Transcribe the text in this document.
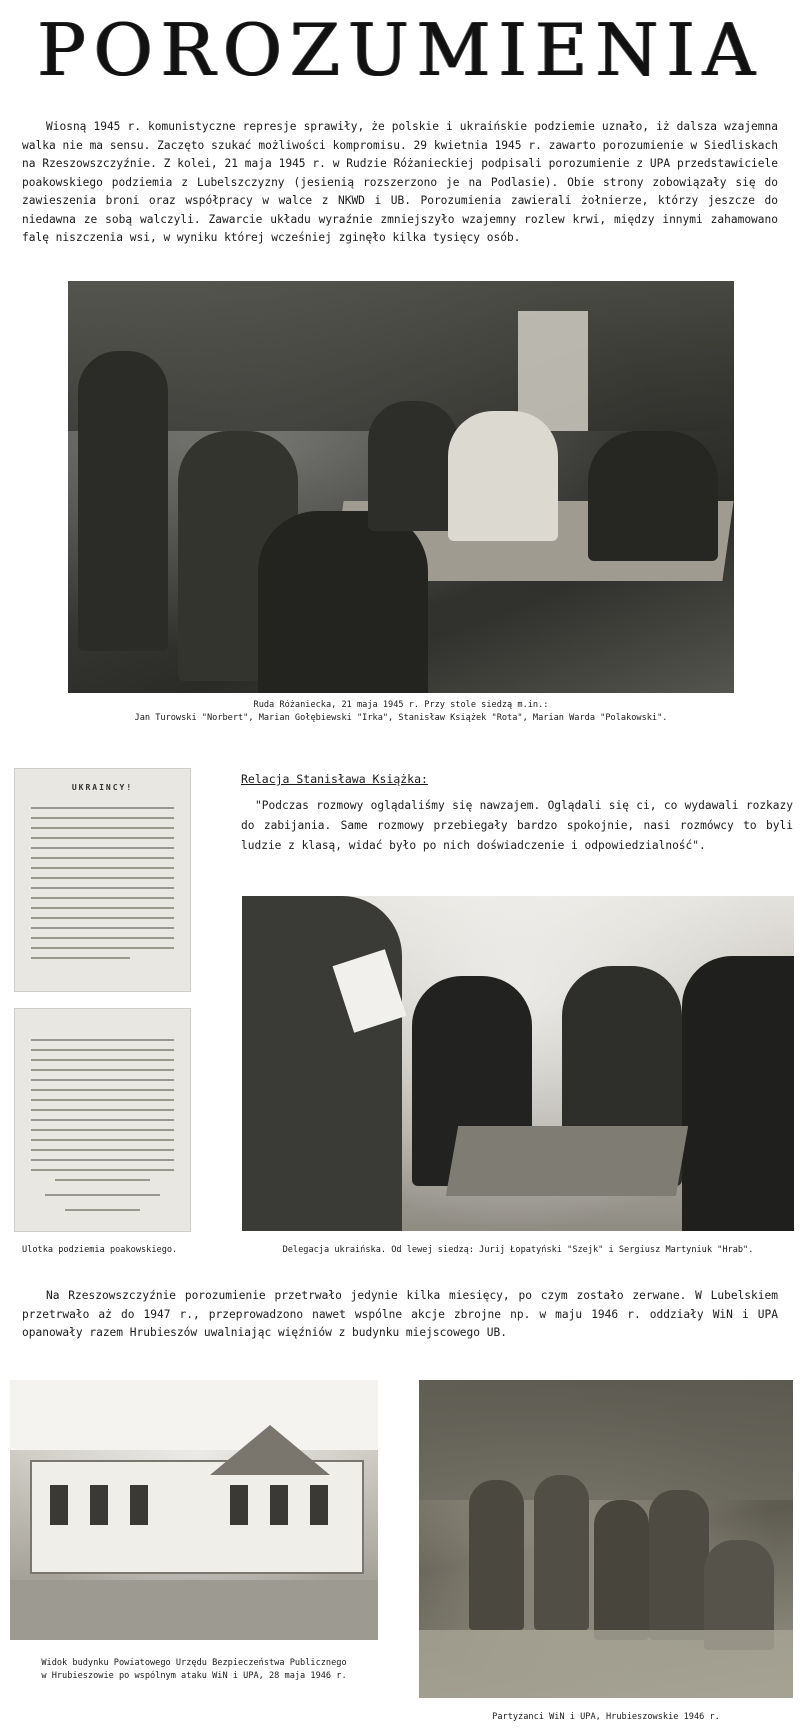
POROZUMIENIA

Wiosną 1945 r. komunistyczne represje sprawiły, że polskie i ukraińskie podziemie uznało, iż dalsza wzajemna walka nie ma sensu. Zaczęto szukać możliwości kompromisu. 29 kwietnia 1945 r. zawarto porozumienie w Siedliskach na Rzeszowszczyźnie. Z kolei, 21 maja 1945 r. w Rudzie Różanieckiej podpisali porozumienie z UPA przedstawiciele poakowskiego podziemia z Lubelszczyzny (jesienią rozszerzono je na Podlasie). Obie strony zobowiązały się do zawieszenia broni oraz współpracy w walce z NKWD i UB. Porozumienia zawierali żołnierze, którzy jeszcze do niedawna ze sobą walczyli. Zawarcie układu wyraźnie zmniejszyło wzajemny rozlew krwi, między innymi zahamowano falę niszczenia wsi, w wyniku której wcześniej zginęło kilka tysięcy osób.

Ruda Różaniecka, 21 maja 1945 r. Przy stole siedzą m.in.:
Jan Turowski "Norbert", Marian Gołębiewski "Irka", Stanisław Książek "Rota", Marian Warda "Polakowski".
UKRAINCY!
Ulotka podziemia poakowskiego.
Relacja Stanisława Książka:

"Podczas rozmowy oglądaliśmy się nawzajem. Oglądali się ci, co wydawali rozkazy do zabijania. Same rozmowy przebiegały bardzo spokojnie, nasi rozmówcy to byli ludzie z klasą, widać było po nich doświadczenie i odpowiedzialność".

Delegacja ukraińska. Od lewej siedzą: Jurij Łopatyński "Szejk" i Sergiusz Martyniuk "Hrab".

Na Rzeszowszczyźnie porozumienie przetrwało jedynie kilka miesięcy, po czym zostało zerwane. W Lubelskiem przetrwało aż do 1947 r., przeprowadzono nawet wspólne akcje zbrojne np. w maju 1946 r. oddziały WiN i UPA opanowały razem Hrubieszów uwalniając więźniów z budynku miejscowego UB.

Widok budynku Powiatowego Urzędu Bezpieczeństwa Publicznego
w Hrubieszowie po wspólnym ataku WiN i UPA, 28 maja 1946 r.
Partyzanci WiN i UPA, Hrubieszowskie 1946 r.
